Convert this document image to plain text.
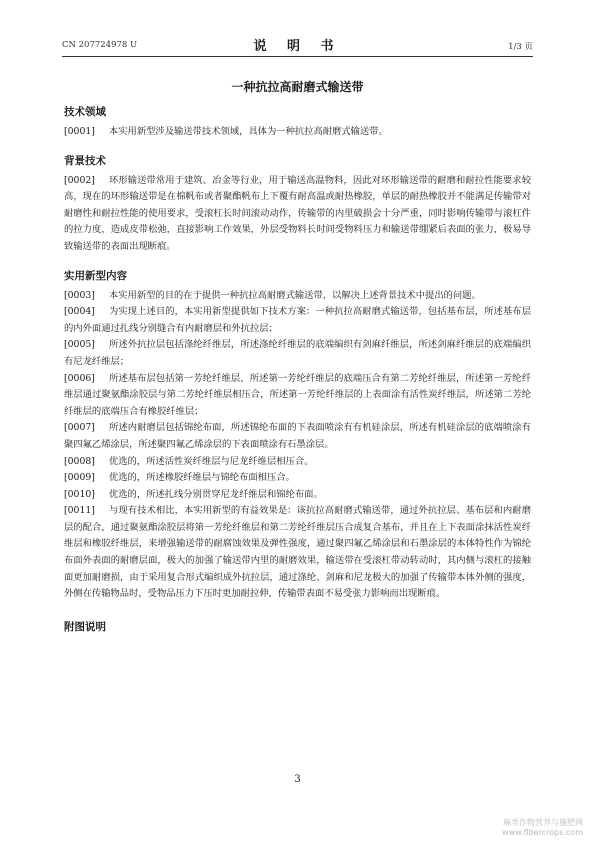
CN 207724978 U	说 明 书	1/3 页
一种抗拉高耐磨式输送带
技术领域

[0001] 本实用新型涉及输送带技术领域，具体为一种抗拉高耐磨式输送带。

背景技术

[0002] 环形输送带常用于建筑、冶金等行业，用于输送高温物料，因此对环形输送带的耐磨和耐拉性能要求较高，现在的环形输送带是在棉帆布或者聚酯帆布上下覆有耐高温或耐热橡胶，单层的耐热橡胶并不能满足传输带对耐磨性和耐拉性能的使用要求，受滚杠长时间滚动动作，传输带的内里破损会十分严重，同时影响传输带与滚杠件的拉力度，造成皮带松弛，直接影响工作效果，外层受物料长时间受物料压力和输送带绷紧后表面的张力，极易导致输送带的表面出现断痕。

实用新型内容

[0003] 本实用新型的目的在于提供一种抗拉高耐磨式输送带，以解决上述背景技术中提出的问题。

[0004] 为实现上述目的，本实用新型提供如下技术方案：一种抗拉高耐磨式输送带，包括基布层，所述基布层的内外面通过扎线分别缝合有内耐磨层和外抗拉层；

[0005] 所述外抗拉层包括涤纶纤维层，所述涤纶纤维层的底端编织有剑麻纤维层，所述剑麻纤维层的底端编织有尼龙纤维层；

[0006] 所述基布层包括第一芳纶纤维层，所述第一芳纶纤维层的底端压合有第二芳纶纤维层，所述第一芳纶纤维层通过聚氨酯涂胶层与第二芳纶纤维层相压合，所述第一芳纶纤维层的上表面涂有活性炭纤维层，所述第二芳纶纤维层的底端压合有橡胶纤维层；

[0007] 所述内耐磨层包括锦纶布面，所述锦纶布面的下表面喷涂有有机硅涂层，所述有机硅涂层的底端喷涂有聚四氟乙烯涂层，所述聚四氟乙烯涂层的下表面喷涂有石墨涂层。

[0008] 优选的，所述活性炭纤维层与尼龙纤维层相压合。

[0009] 优选的，所述橡胶纤维层与锦纶布面相压合。

[0010] 优选的，所述扎线分别贯穿尼龙纤维层和锦纶布面。

[0011] 与现有技术相比，本实用新型的有益效果是：该抗拉高耐磨式输送带，通过外抗拉层、基布层和内耐磨层的配合，通过聚氨酯涂胶层将第一芳纶纤维层和第二芳纶纤维层压合成复合基布，并且在上下表面涂抹活性炭纤维层和橡胶纤维层，来增强输送带的耐腐蚀效果及弹性强度，通过聚四氟乙烯涂层和石墨涂层的本体特性作为锦纶布面外表面的耐磨层面，极大的加强了输送带内里的耐磨效果，输送带在受滚杠带动转动时，其内侧与滚杠的接触面更加耐磨损，由于采用复合形式编织成外抗拉层，通过涤纶、剑麻和尼龙极大的加强了传输带本体外侧的强度，外侧在传输物品时，受物品压力下压时更加耐拉伸，传输带表面不易受张力影响而出现断痕。

附图说明
3
麻类作物营养与施肥网
www.fibercrops.com
